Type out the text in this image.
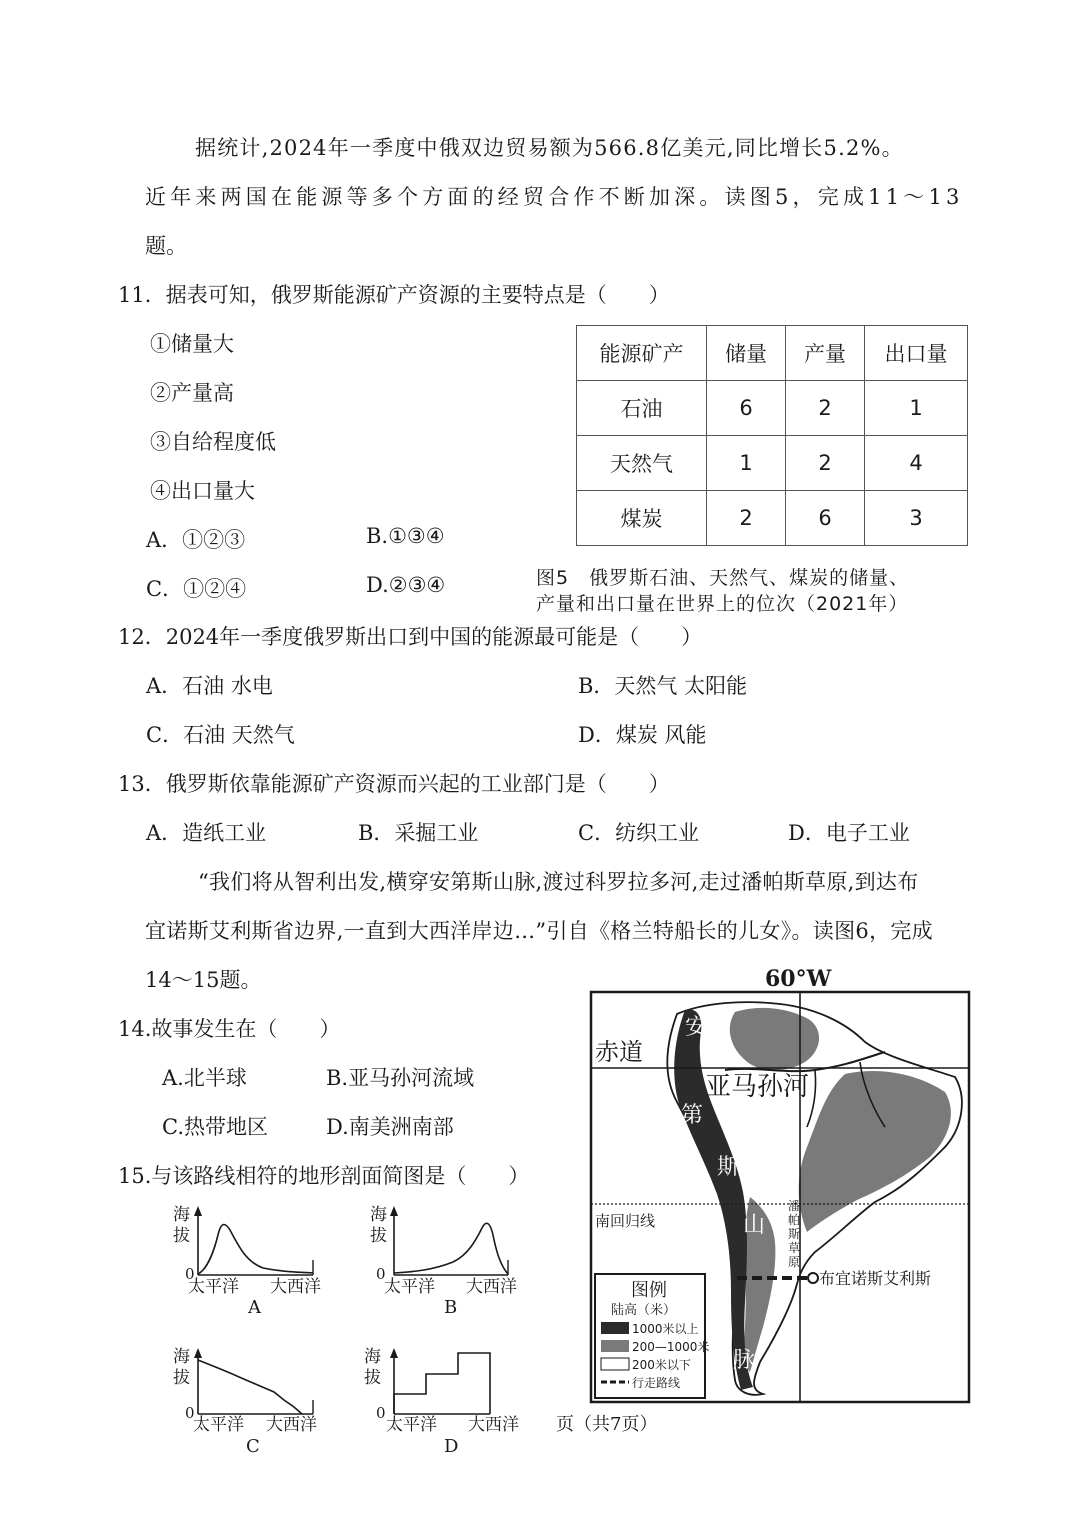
据统计,2024年一季度中俄双边贸易额为566.8亿美元,同比增长5.2%。
近年来两国在能源等多个方面的经贸合作不断加深。读图5，完成11～13
题。
11．据表可知，俄罗斯能源矿产资源的主要特点是（　　）
①储量大
②产量高
③自给程度低
④出口量大
A．①②③	B.①③④
C．①②④	D.②③④
能源矿产	储量	产量	出口量
石油	6	2	1
天然气	1	2	4
煤炭	2	6	3
图5　俄罗斯石油、天然气、煤炭的储量、
产量和出口量在世界上的位次（2021年）
12．2024年一季度俄罗斯出口到中国的能源最可能是（　　）
A．石油 水电	B．天然气 太阳能
C．石油 天然气	D．煤炭 风能
13．俄罗斯依靠能源矿产资源而兴起的工业部门是（　　）
A．造纸工业	B．采掘工业	C．纺织工业	D．电子工业
“我们将从智利出发,横穿安第斯山脉,渡过科罗拉多河,走过潘帕斯草原,到达布
宜诺斯艾利斯省边界,一直到大西洋岸边…”引自《格兰特船长的儿女》。读图6，完成
14～15题。
14.故事发生在（　　）
A.北半球	B.亚马孙河流域
C.热带地区	D.南美洲南部
15.与该路线相符的地形剖面简图是（　　）
海
拔
0
太平洋 大西洋
A
海
拔
0
太平洋 大西洋
B
海
拔
0
太平洋 大西洋
C
海
拔
0
太平洋 大西洋
D
60°W
赤道
亚马孙河
安
第
斯
山
脉
南回归线
潘
帕
斯
草
原
布宜诺斯艾利斯
图例
陆高（米）
1000米以上
200—1000米
200米以下
行走路线
页（共7页）
